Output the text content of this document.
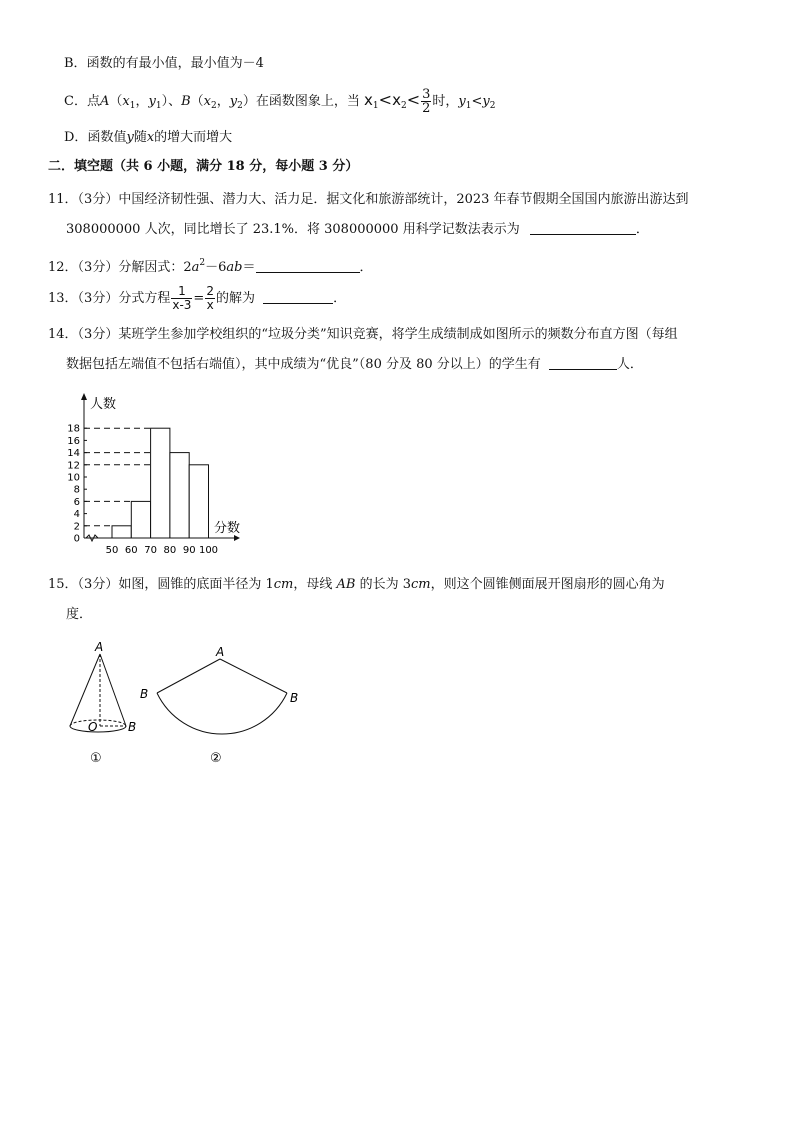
B．函数的有最小值，最小值为－4
C．点$A(x_1$，$y_1$）、$B(x_2$，$y_2$）在函数图象上，当 $x_1<x_2< \frac{3}{2}$ 时，$y_1<y_2$
D．函数值y随x的增大而增大
二．填空题（共 6 小题，满分 18 分，每小题 3 分）
11．（3分）中国经济韧性强、潜力大、活力足．据文化和旅游部统计，2023 年春节假期全国国内旅游出游达到
308000000 人次，同比增长了 23.1%．将 308000000 用科学记数法表示为	．
12．（3分）分解因式：$2a^2-6ab=$	．
13．（3分）分式方程 $\frac{1}{x-3} = \frac{2}{x}$ 的解为	．
14．（3分）某班学生参加学校组织的“垃圾分类”知识竞赛，将学生成绩制成如图所示的频数分布直方图（每组
数据包括左端值不包括右端值），其中成绩为“优良”（80 分及 80 分以上）的学生有	人．
0
2
4
6
8
10
12
14
16
18
50 60 70 80 90 100
人数
分数
15．（3分）如图，圆锥的底面半径为 1cm，母线 AB 的长为 3cm，则这个圆锥侧面展开图扇形的圆心角为
度．
A
O	B
①
A
B	B
②
